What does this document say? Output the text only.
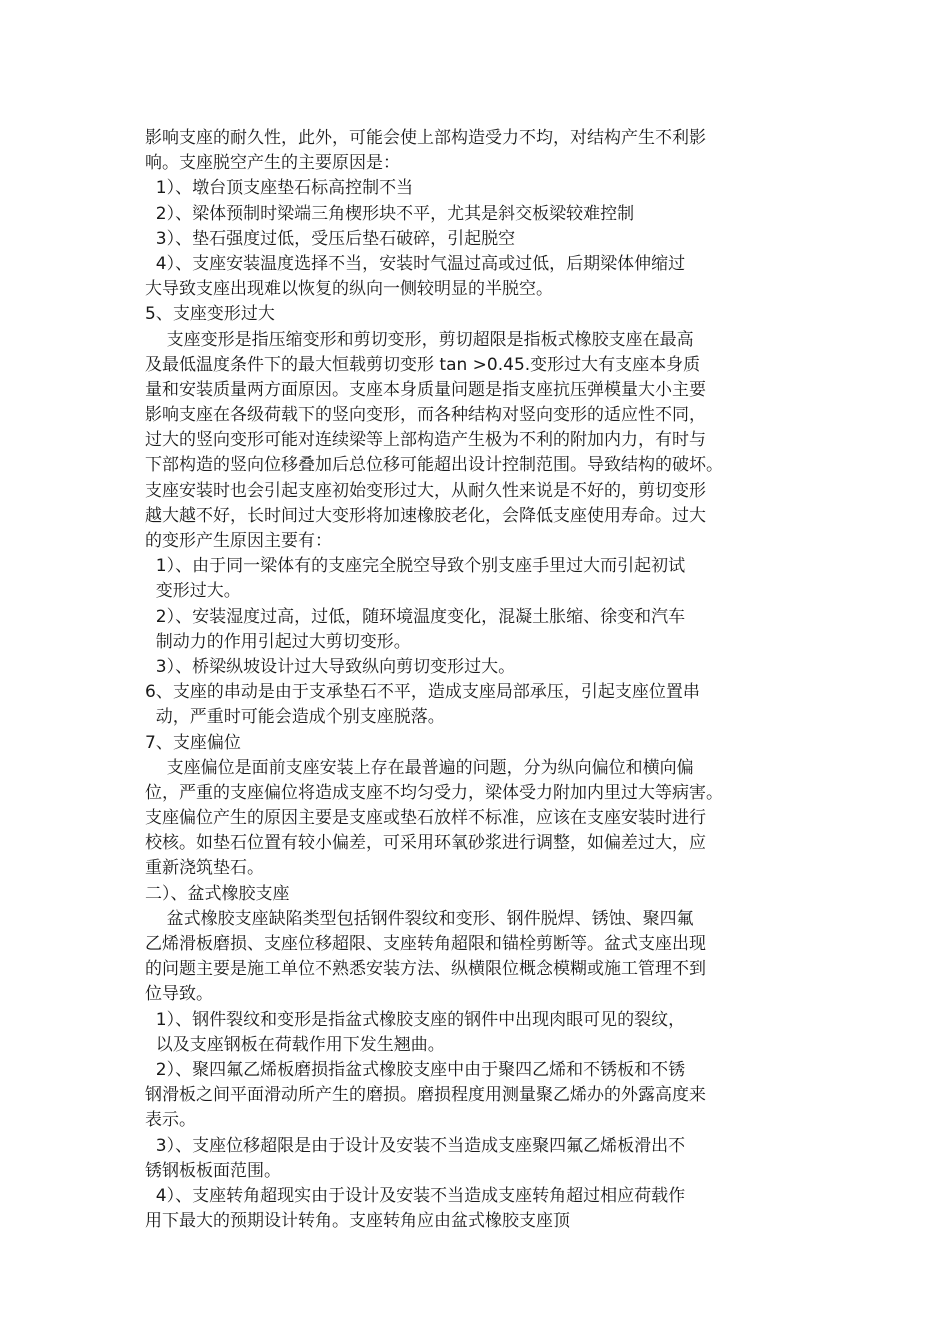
影响支座的耐久性，此外，可能会使上部构造受力不均，对结构产生不利影
响。支座脱空产生的主要原因是：
1）、墩台顶支座垫石标高控制不当
2）、梁体预制时梁端三角楔形块不平，尤其是斜交板梁较难控制
3）、垫石强度过低，受压后垫石破碎，引起脱空
4）、支座安装温度选择不当，安装时气温过高或过低，后期梁体伸缩过
大导致支座出现难以恢复的纵向一侧较明显的半脱空。
5、支座变形过大
支座变形是指压缩变形和剪切变形，剪切超限是指板式橡胶支座在最高
及最低温度条件下的最大恒载剪切变形 tan >0.45.变形过大有支座本身质
量和安装质量两方面原因。支座本身质量问题是指支座抗压弹模量大小主要
影响支座在各级荷载下的竖向变形，而各种结构对竖向变形的适应性不同，
过大的竖向变形可能对连续梁等上部构造产生极为不利的附加内力，有时与
下部构造的竖向位移叠加后总位移可能超出设计控制范围。导致结构的破坏。
支座安装时也会引起支座初始变形过大，从耐久性来说是不好的，剪切变形
越大越不好，长时间过大变形将加速橡胶老化，会降低支座使用寿命。过大
的变形产生原因主要有：
1）、由于同一梁体有的支座完全脱空导致个别支座手里过大而引起初试
变形过大。
2）、安装湿度过高，过低，随环境温度变化，混凝土胀缩、徐变和汽车
制动力的作用引起过大剪切变形。
3）、桥梁纵坡设计过大导致纵向剪切变形过大。
6、支座的串动是由于支承垫石不平，造成支座局部承压，引起支座位置串
动，严重时可能会造成个别支座脱落。
7、支座偏位
支座偏位是面前支座安装上存在最普遍的问题，分为纵向偏位和横向偏
位，严重的支座偏位将造成支座不均匀受力，梁体受力附加内里过大等病害。
支座偏位产生的原因主要是支座或垫石放样不标准，应该在支座安装时进行
校核。如垫石位置有较小偏差，可采用环氧砂浆进行调整，如偏差过大，应
重新浇筑垫石。
二）、盆式橡胶支座
盆式橡胶支座缺陷类型包括钢件裂纹和变形、钢件脱焊、锈蚀、聚四氟
乙烯滑板磨损、支座位移超限、支座转角超限和锚栓剪断等。盆式支座出现
的问题主要是施工单位不熟悉安装方法、纵横限位概念模糊或施工管理不到
位导致。
1）、钢件裂纹和变形是指盆式橡胶支座的钢件中出现肉眼可见的裂纹，
以及支座钢板在荷载作用下发生翘曲。
2）、聚四氟乙烯板磨损指盆式橡胶支座中由于聚四乙烯和不锈板和不锈
钢滑板之间平面滑动所产生的磨损。磨损程度用测量聚乙烯办的外露高度来
表示。
3）、支座位移超限是由于设计及安装不当造成支座聚四氟乙烯板滑出不
锈钢板板面范围。
4）、支座转角超现实由于设计及安装不当造成支座转角超过相应荷载作
用下最大的预期设计转角。支座转角应由盆式橡胶支座顶
